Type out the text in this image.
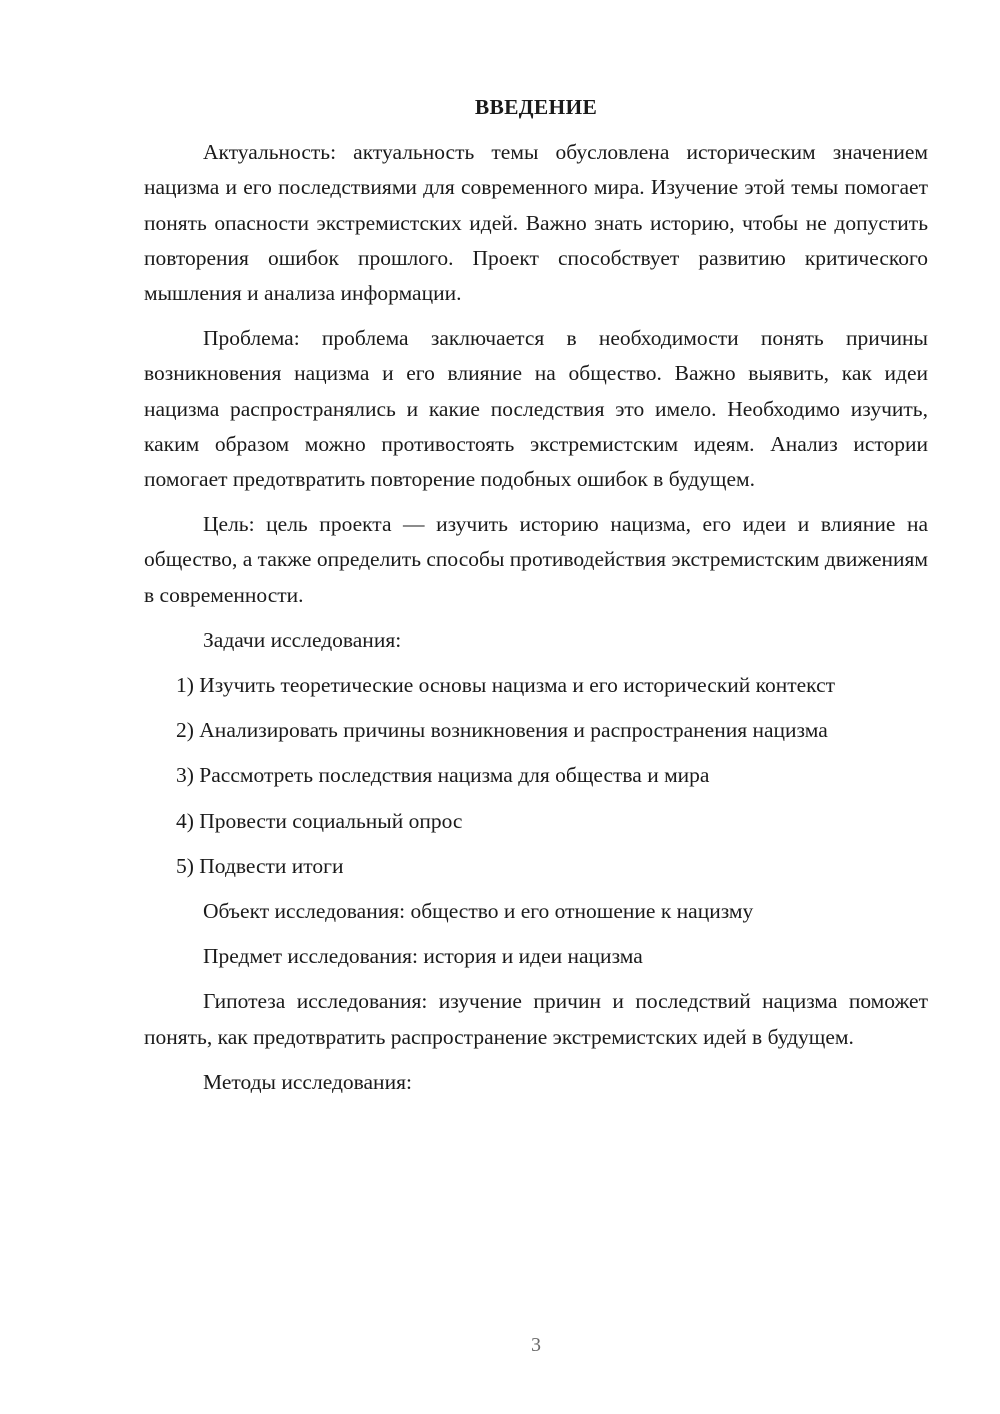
ВВЕДЕНИЕ
Актуальность: актуальность темы обусловлена историческим значением нацизма и его последствиями для современного мира. Изучение этой темы помогает понять опасности экстремистских идей. Важно знать историю, чтобы не допустить повторения ошибок прошлого. Проект способствует развитию критического мышления и анализа информации.
Проблема: проблема заключается в необходимости понять причины возникновения нацизма и его влияние на общество. Важно выявить, как идеи нацизма распространялись и какие последствия это имело. Необходимо изучить, каким образом можно противостоять экстремистским идеям. Анализ истории помогает предотвратить повторение подобных ошибок в будущем.
Цель: цель проекта — изучить историю нацизма, его идеи и влияние на общество, а также определить способы противодействия экстремистским движениям в современности.
Задачи исследования:
1) Изучить теоретические основы нацизма и его исторический контекст
2) Анализировать причины возникновения и распространения нацизма
3) Рассмотреть последствия нацизма для общества и мира
4) Провести социальный опрос
5) Подвести итоги
Объект исследования: общество и его отношение к нацизму
Предмет исследования: история и идеи нацизма
Гипотеза исследования: изучение причин и последствий нацизма поможет понять, как предотвратить распространение экстремистских идей в будущем.
Методы исследования:
3
